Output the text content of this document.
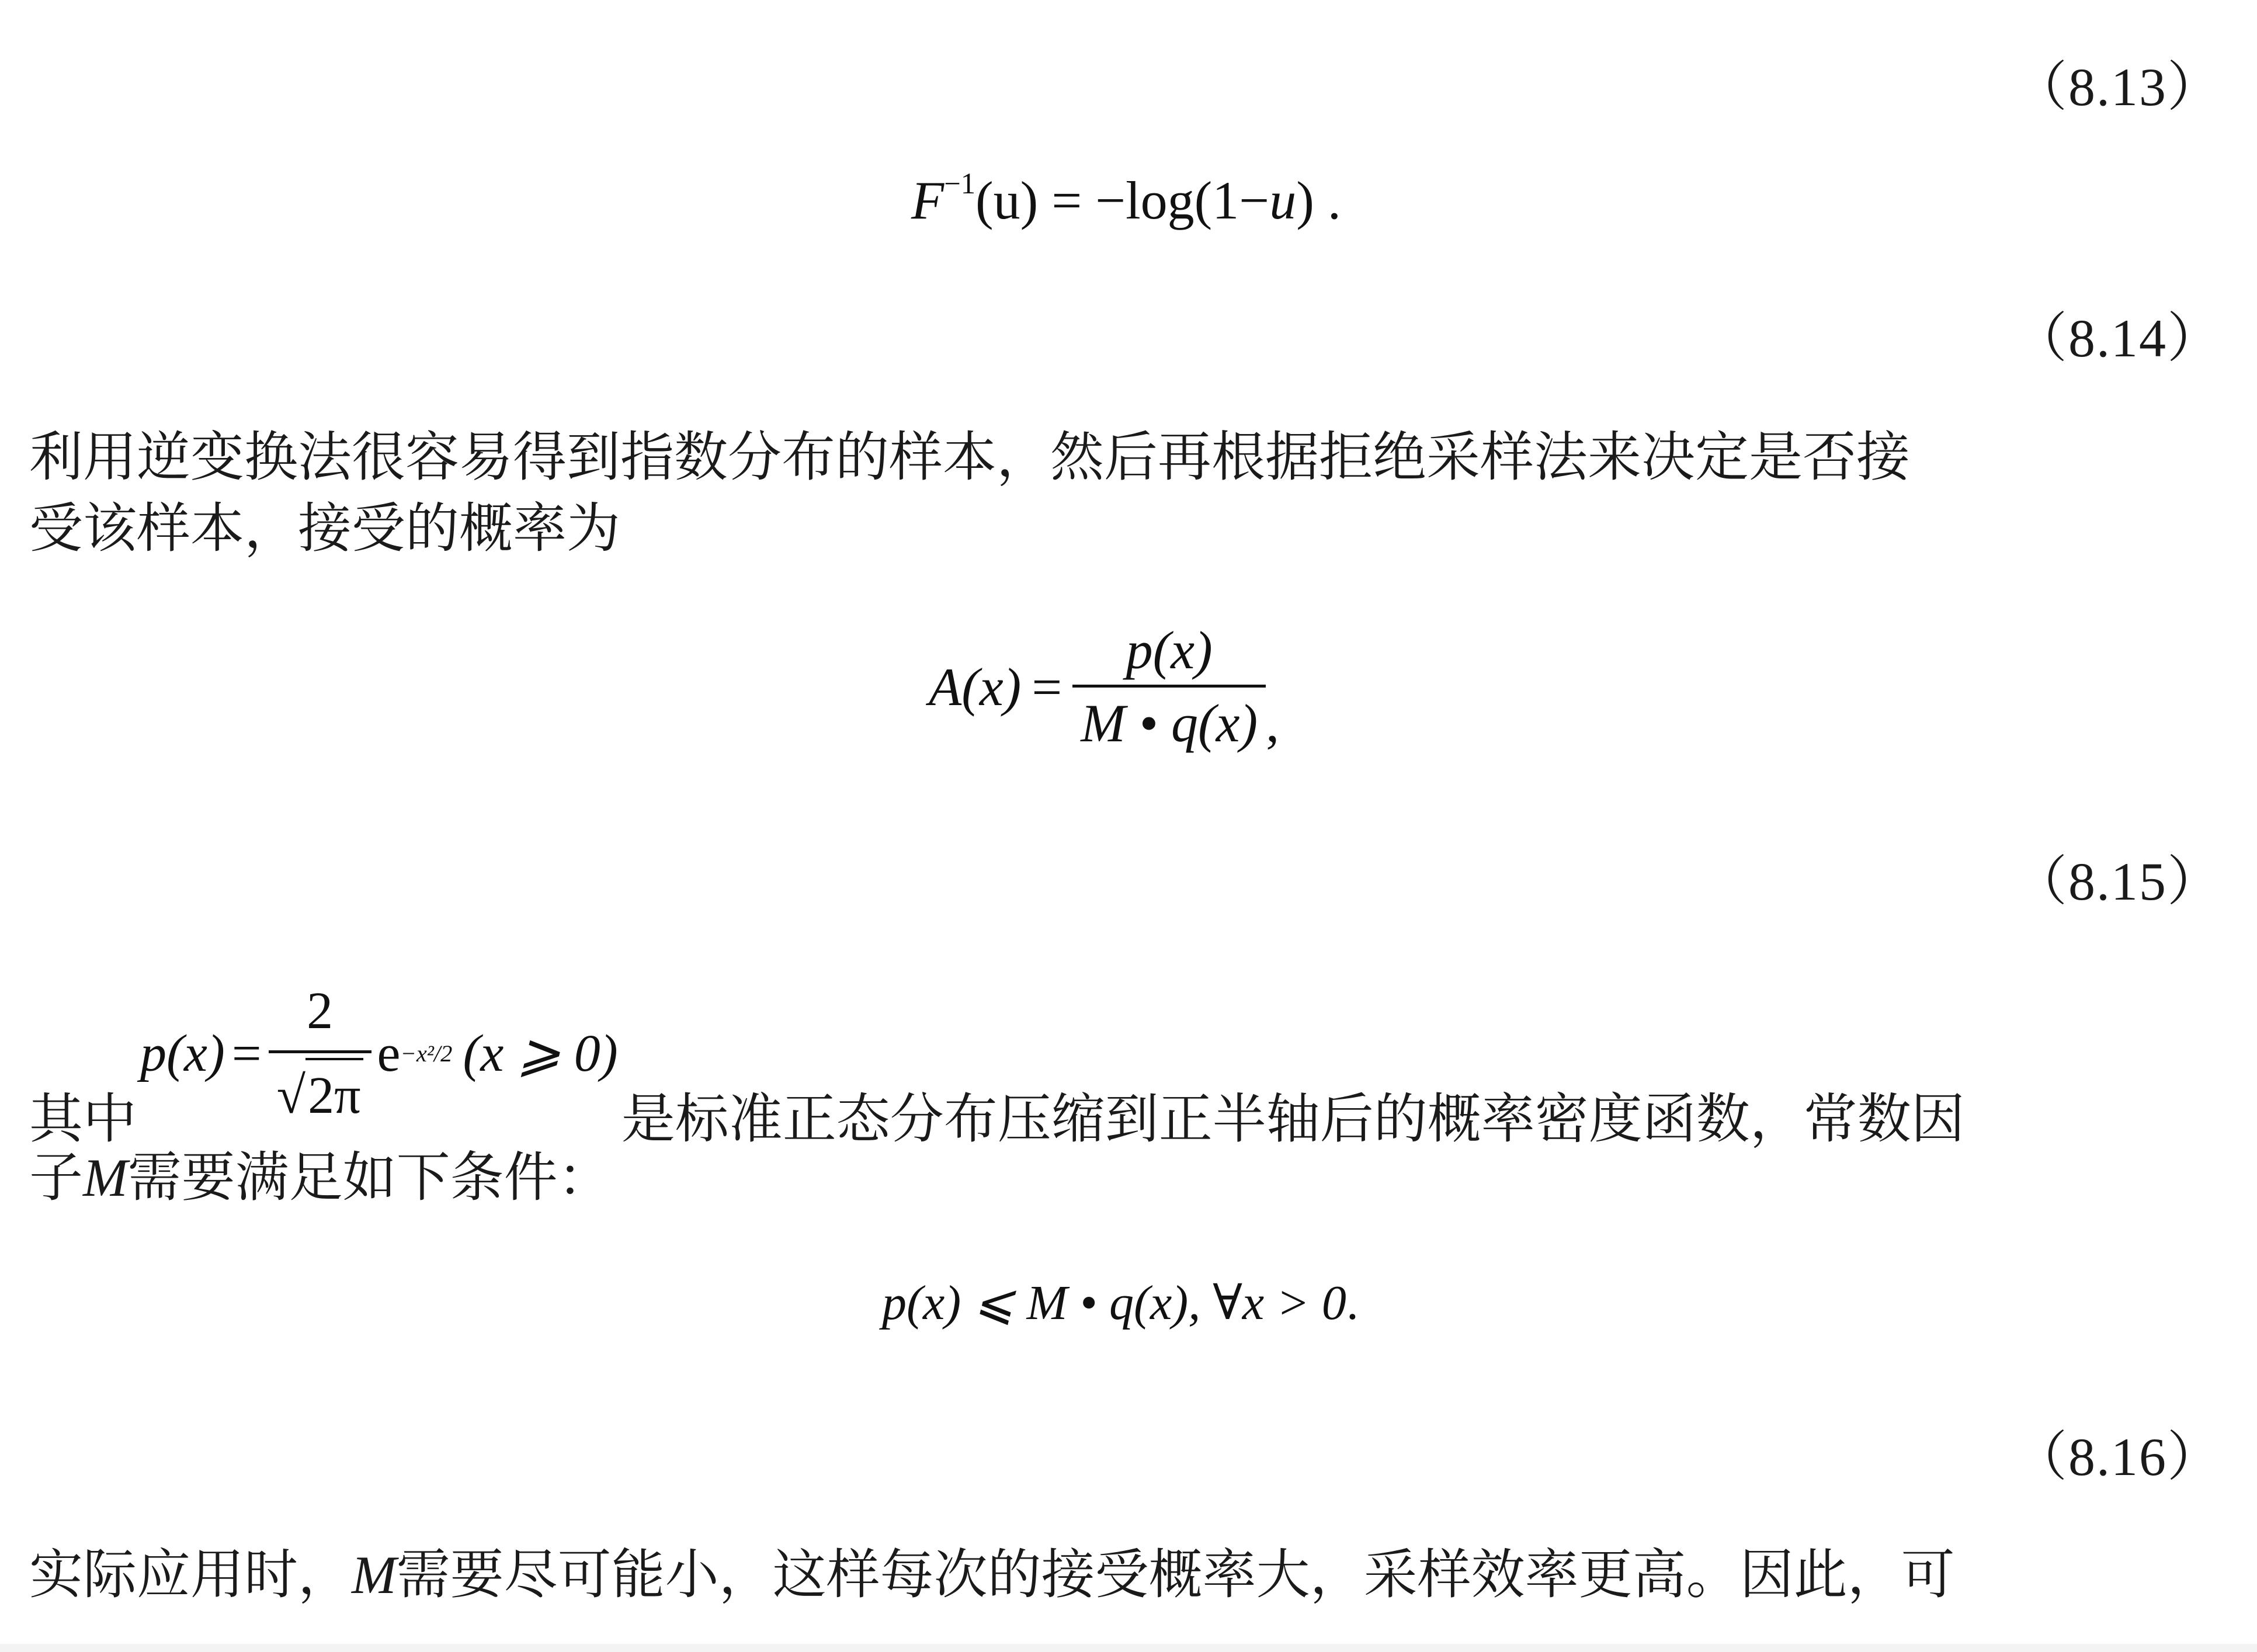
（8.13）
（8.14）
（8.15）
（8.16）
$F^{-1}(u) = -\log(1-u)$ .
利用逆变换法很容易得到指数分布的样本，然后再根据拒绝采样法来决定是否接
受该样本，接受的概率为
$A(x) = \frac{p(x)}{M • q(x)}$ ,
其中
$p(x) = \frac{2}{√ 2\pi}$ e −x²/2 (x ⩾ 0)
是标准正态分布压缩到正半轴后的概率密度函数，常数因
子M需要满足如下条件：
p(x) ⩽ M • q(x), ∀x > 0.
实际应用时，M需要尽可能小，这样每次的接受概率大，采样效率更高。因此，可
